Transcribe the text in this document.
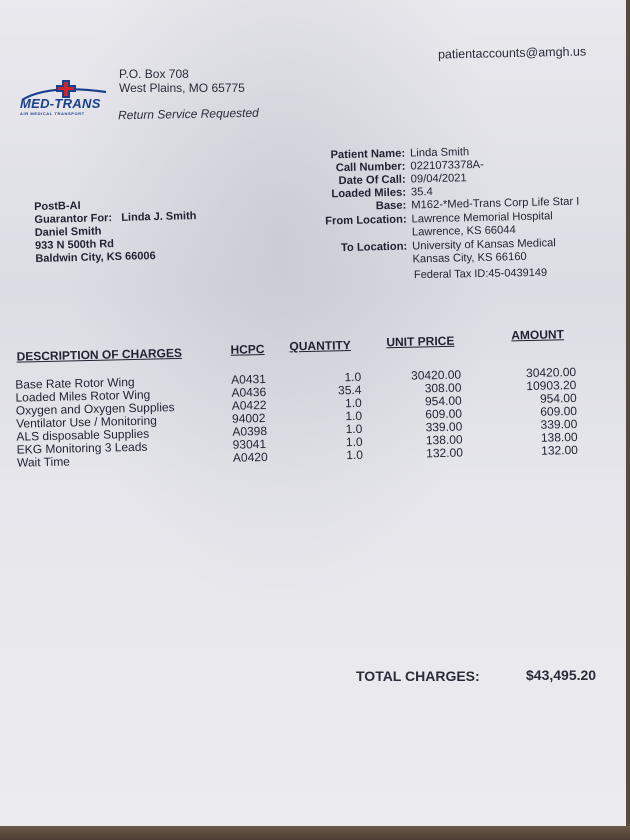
MED-TRANS
AIR MEDICAL TRANSPORT
P.O. Box 708
West Plains, MO 65775
Return Service Requested
patientaccounts@amgh.us
Patient Name: Linda Smith
Call Number: 0221073378A-
Date Of Call: 09/04/2021
Loaded Miles: 35.4
Base: M162-*Med-Trans Corp Life Star I
From Location: Lawrence Memorial Hospital
Lawrence, KS 66044
To Location: University of Kansas Medical
Kansas City, KS 66160
Federal Tax ID:45-0439149
PostB-AI
Guarantor For: Linda J. Smith
Daniel Smith
933 N 500th Rd
Baldwin City, KS 66006
DESCRIPTION OF CHARGES	HCPC QUANTITY	UNIT PRICE	AMOUNT
Base Rate Rotor Wing	A0431	1.0	30420.00	30420.00
Loaded Miles Rotor Wing	A0436	35.4	308.00	10903.20
Oxygen and Oxygen Supplies	A0422	1.0	954.00	954.00
Ventilator Use / Monitoring	94002	1.0	609.00	609.00
ALS disposable Supplies	A0398	1.0	339.00	339.00
EKG Monitoring 3 Leads	93041	1.0	138.00	138.00
Wait Time	A0420	1.0	132.00	132.00
TOTAL CHARGES:	$43,495.20
